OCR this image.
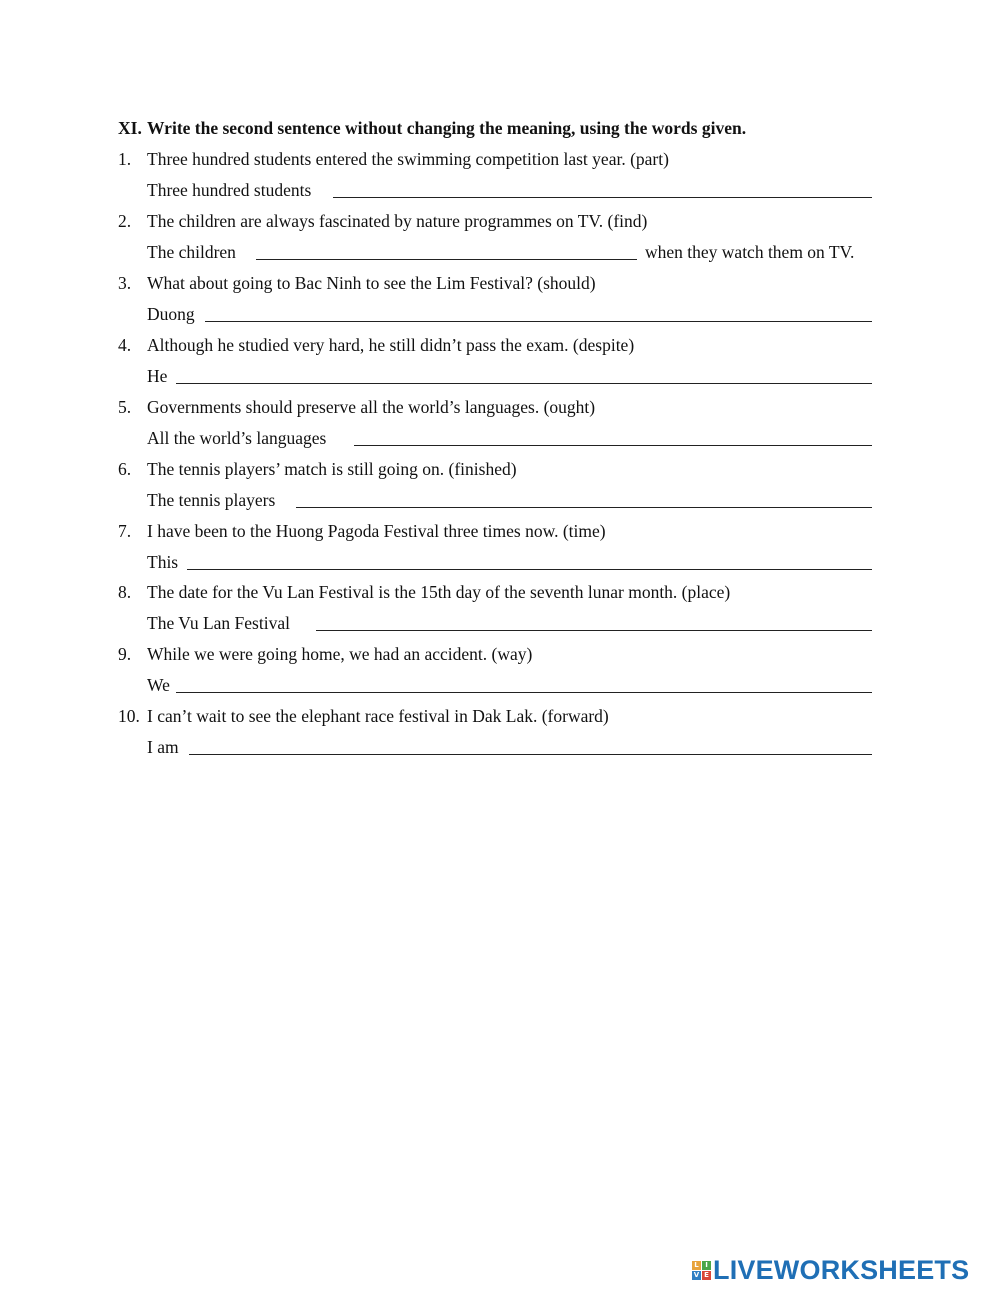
XI. Write the second sentence without changing the meaning, using the words given.
1. Three hundred students entered the swimming competition last year. (part)
Three hundred students
2. The children are always fascinated by nature programmes on TV. (find)
The children	when they watch them on TV.
3. What about going to Bac Ninh to see the Lim Festival? (should)
Duong
4. Although he studied very hard, he still didn’t pass the exam. (despite)
He
5. Governments should preserve all the world’s languages. (ought)
All the world’s languages
6. The tennis players’ match is still going on. (finished)
The tennis players
7. I have been to the Huong Pagoda Festival three times now. (time)
This
8. The date for the Vu Lan Festival is the 15th day of the seventh lunar month. (place)
The Vu Lan Festival
9. While we were going home, we had an accident. (way)
We
10. I can’t wait to see the elephant race festival in Dak Lak. (forward)
I am
L I
V E LIVEWORKSHEETS
